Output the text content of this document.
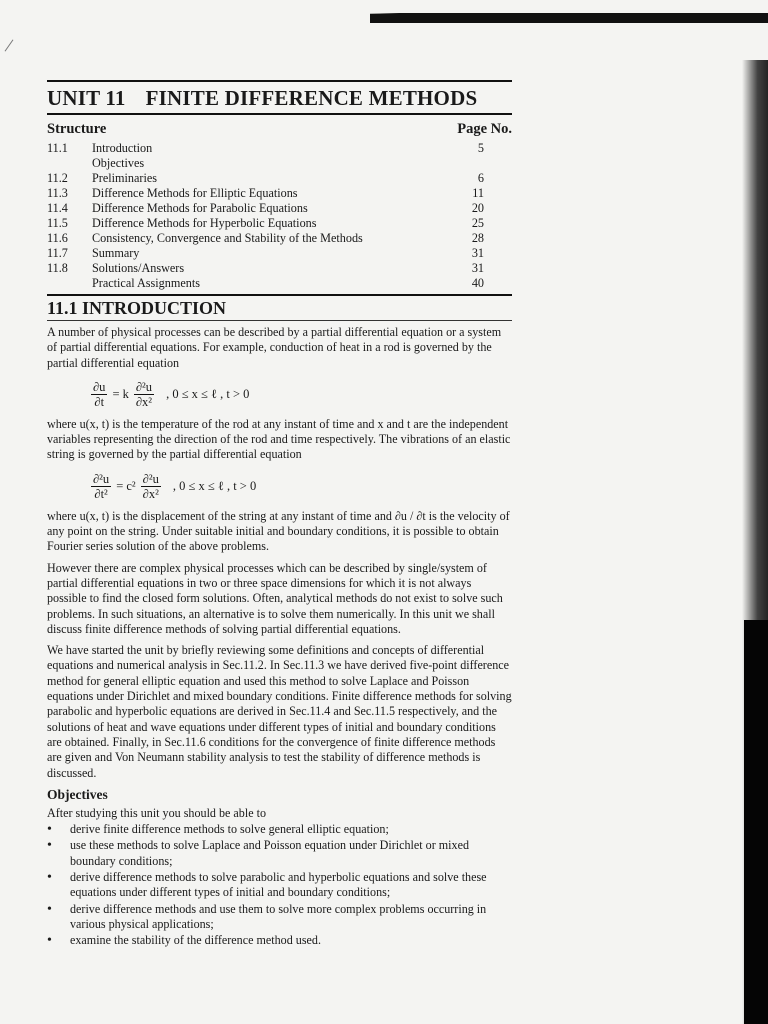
UNIT 11 FINITE DIFFERENCE METHODS
Structure	Page No.
11.1	Introduction	5
	Objectives	
11.2	Preliminaries	6
11.3	Difference Methods for Elliptic Equations	11
11.4	Difference Methods for Parabolic Equations	20
11.5	Difference Methods for Hyperbolic Equations	25
11.6	Consistency, Convergence and Stability of the Methods	28
11.7	Summary	31
11.8	Solutions/Answers	31
	Practical Assignments	40
11.1 INTRODUCTION

A number of physical processes can be described by a partial differential equation or a system of partial differential equations. For example, conduction of heat in a rod is governed by the partial differential equation

$\frac{\partial u}{\partial t} = k \frac{\text{∂²u}}{\text{∂x²}}$ , 0 ≤ x ≤ ℓ , t > 0

where u(x, t) is the temperature of the rod at any instant of time and x and t are the independent variables representing the direction of the rod and time respectively. The vibrations of an elastic string is governed by the partial differential equation

$\frac{\text{∂²u}}{\text{∂t²}} = c^2 \frac{\text{∂²u}}{\text{∂x²}}$ , 0 ≤ x ≤ ℓ , t > 0

where u(x, t) is the displacement of the string at any instant of time and ∂u / ∂t is the velocity of any point on the string. Under suitable initial and boundary conditions, it is possible to obtain Fourier series solution of the above problems.

However there are complex physical processes which can be described by single/system of partial differential equations in two or three space dimensions for which it is not always possible to find the closed form solutions. Often, analytical methods do not exist to solve such problems. In such situations, an alternative is to solve them numerically. In this unit we shall discuss finite difference methods of solving partial differential equations.

We have started the unit by briefly reviewing some definitions and concepts of differential equations and numerical analysis in Sec.11.2. In Sec.11.3 we have derived five-point difference method for general elliptic equation and used this method to solve Laplace and Poisson equations under Dirichlet and mixed boundary conditions. Finite difference methods for solving parabolic and hyperbolic equations are derived in Sec.11.4 and Sec.11.5 respectively, and the solutions of heat and wave equations under different types of initial and boundary conditions are obtained. Finally, in Sec.11.6 conditions for the convergence of finite difference methods are given and Von Neumann stability analysis to test the stability of difference methods is discussed.

Objectives

After studying this unit you should be able to

• derive finite difference methods to solve general elliptic equation;
• use these methods to solve Laplace and Poisson equation under Dirichlet or mixed boundary conditions;
• derive difference methods to solve parabolic and hyperbolic equations and solve these equations under different types of initial and boundary conditions;
• derive difference methods and use them to solve more complex problems occurring in various physical applications;
• examine the stability of the difference method used.
